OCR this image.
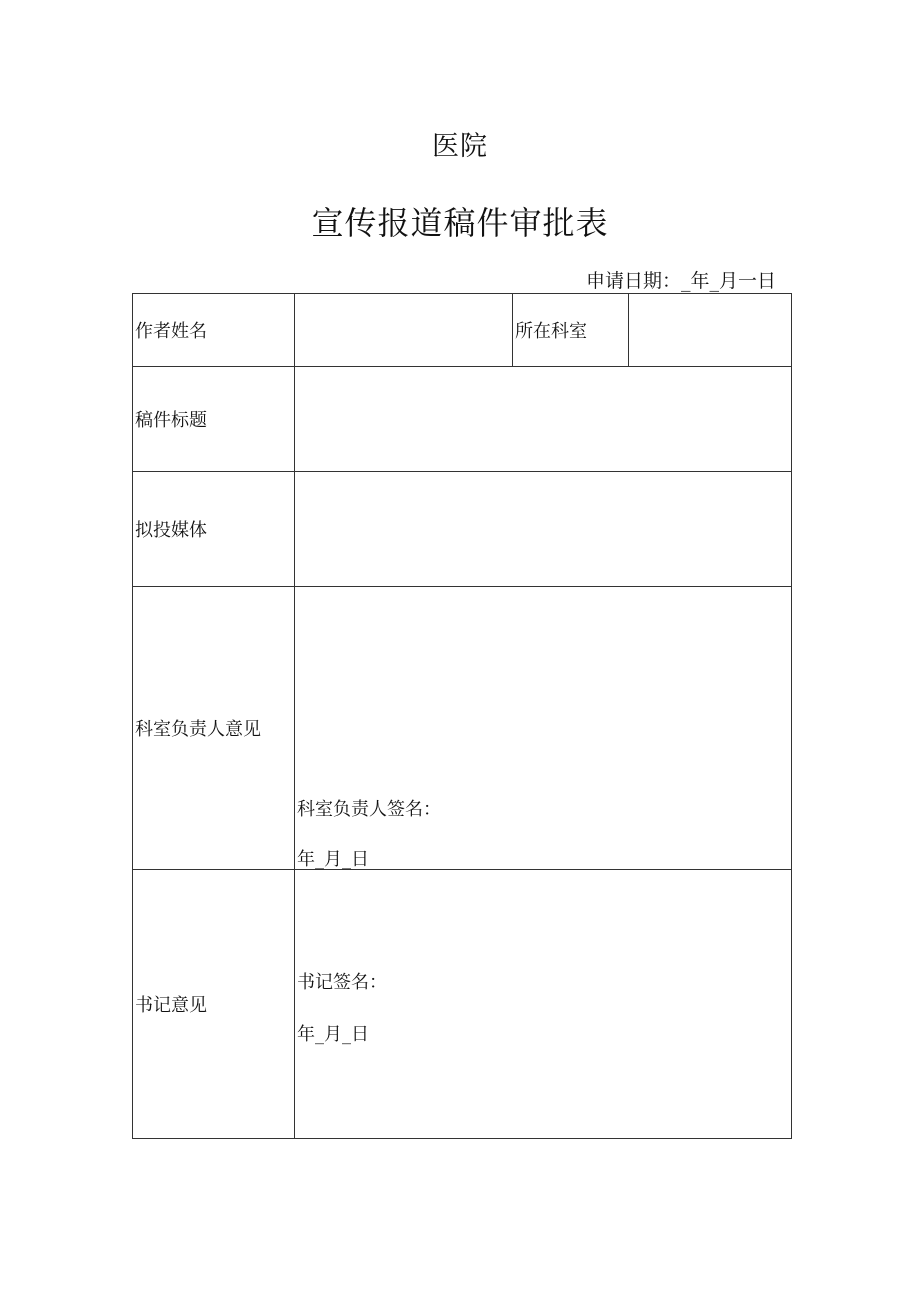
医院
宣传报道稿件审批表
申请日期：_年_月一日
作者姓名		所在科室	
稿件标题			
拟投媒体			
科室负责人意见	科室负责人签名：
年_月_日		

书记意见	书记签名：
年_月_日		
